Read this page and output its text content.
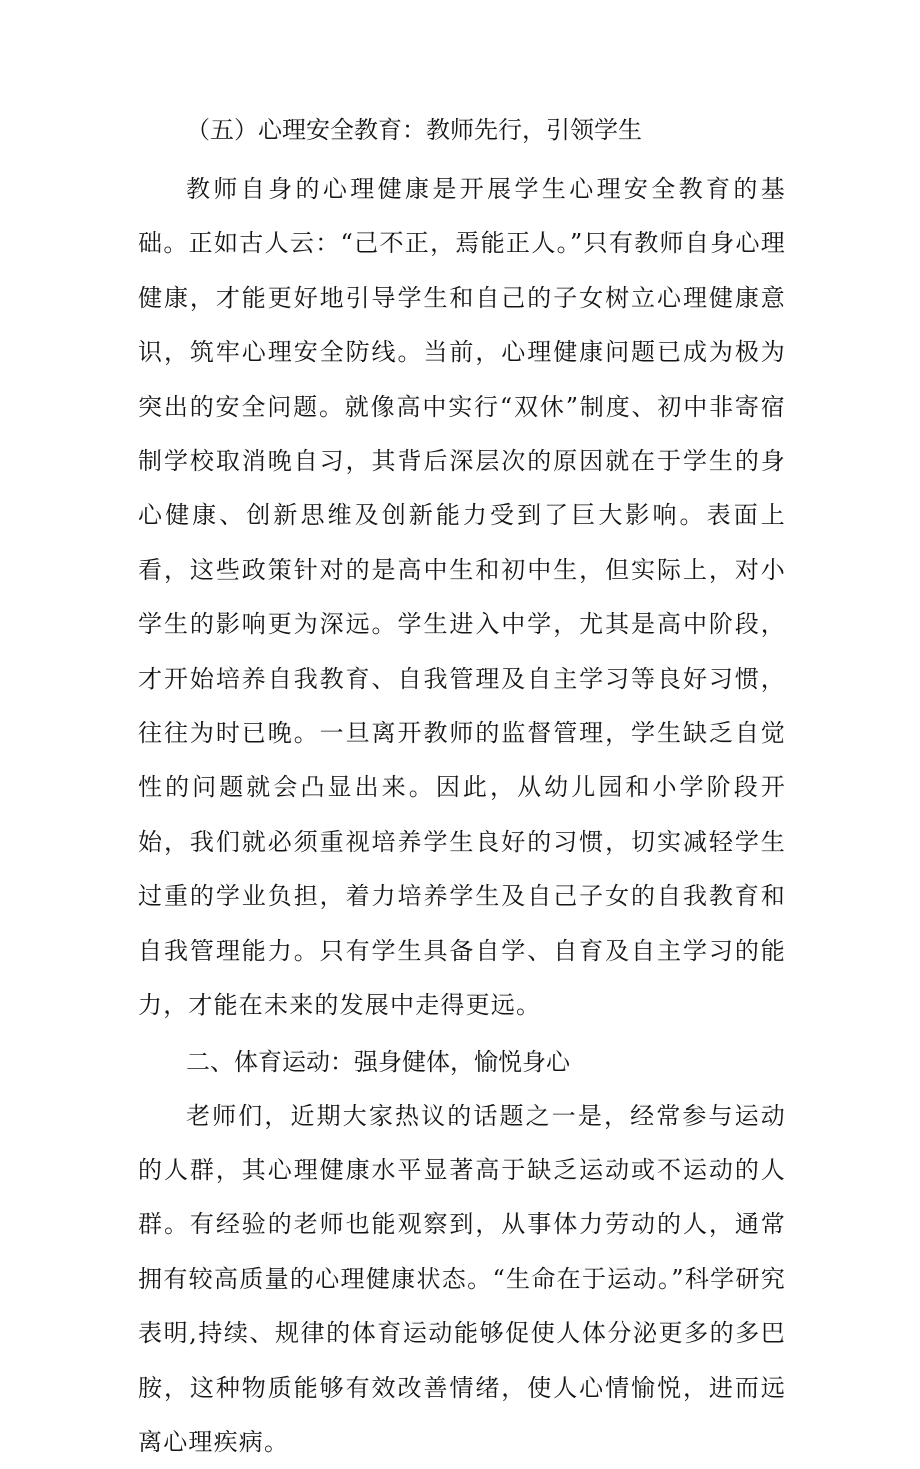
（五）心理安全教育：教师先行，引领学生

教师自身的心理健康是开展学生心理安全教育的基础。正如古人云：“己不正，焉能正人。”只有教师自身心理健康，才能更好地引导学生和自己的子女树立心理健康意识，筑牢心理安全防线。当前，心理健康问题已成为极为突出的安全问题。就像高中实行“双休”制度、初中非寄宿制学校取消晚自习，其背后深层次的原因就在于学生的身心健康、创新思维及创新能力受到了巨大影响。表面上看，这些政策针对的是高中生和初中生，但实际上，对小学生的影响更为深远。学生进入中学，尤其是高中阶段，才开始培养自我教育、自我管理及自主学习等良好习惯，往往为时已晚。一旦离开教师的监督管理，学生缺乏自觉性的问题就会凸显出来。因此，从幼儿园和小学阶段开始，我们就必须重视培养学生良好的习惯，切实减轻学生过重的学业负担，着力培养学生及自己子女的自我教育和自我管理能力。只有学生具备自学、自育及自主学习的能力，才能在未来的发展中走得更远。

二、体育运动：强身健体，愉悦身心

老师们，近期大家热议的话题之一是，经常参与运动的人群，其心理健康水平显著高于缺乏运动或不运动的人群。有经验的老师也能观察到，从事体力劳动的人，通常拥有较高质量的心理健康状态。“生命在于运动。”科学研究表明,持续、规律的体育运动能够促使人体分泌更多的多巴胺，这种物质能够有效改善情绪，使人心情愉悦，进而远离心理疾病。
